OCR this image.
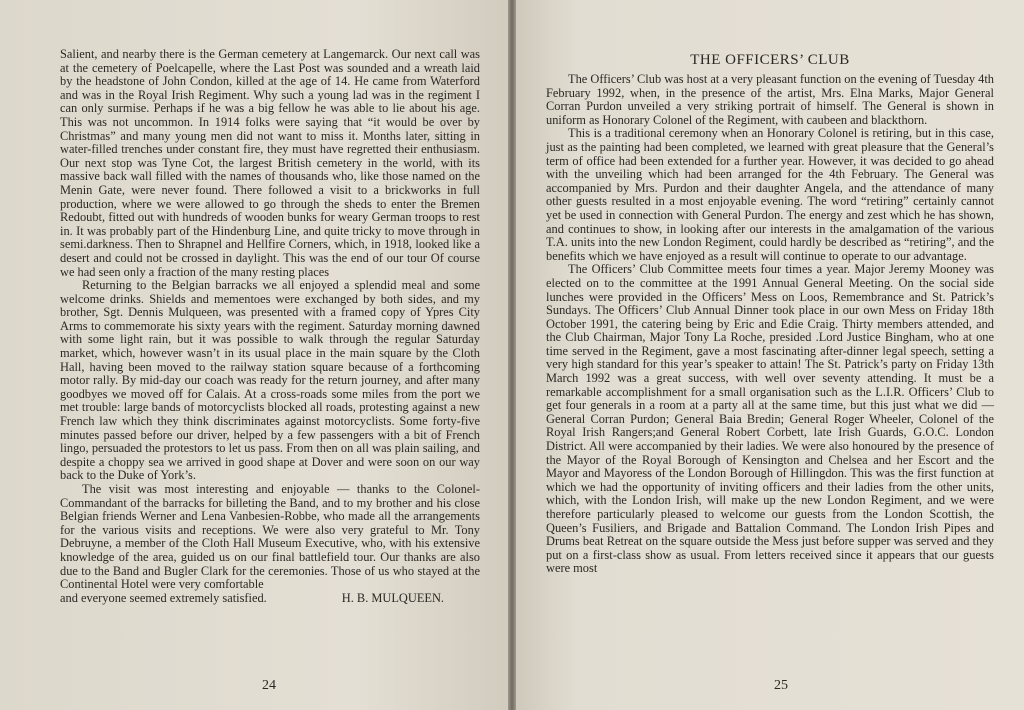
Salient, and nearby there is the German cemetery at Langemarck. Our next call was at the cemetery of Poelcapelle, where the Last Post was sounded and a wreath laid by the headstone of John Condon, killed at the age of 14. He came from Waterford and was in the Royal Irish Regiment. Why such a young lad was in the regiment I can only surmise. Perhaps if he was a big fellow he was able to lie about his age. This was not uncommon. In 1914 folks were saying that “it would be over by Christmas” and many young men did not want to miss it. Months later, sitting in water-filled trenches under constant fire, they must have regretted their enthusiasm. Our next stop was Tyne Cot, the largest British cemetery in the world, with its massive back wall filled with the names of thousands who, like those named on the Menin Gate, were never found. There followed a visit to a brickworks in full production, where we were allowed to go through the sheds to enter the Bremen Redoubt, fitted out with hundreds of wooden bunks for weary German troops to rest in. It was probably part of the Hindenburg Line, and quite tricky to move through in semi.darkness. Then to Shrapnel and Hellfire Corners, which, in 1918, looked like a desert and could not be crossed in daylight. This was the end of our tour Of course we had seen only a fraction of the many resting places

Returning to the Belgian barracks we all enjoyed a splendid meal and some welcome drinks. Shields and mementoes were exchanged by both sides, and my brother, Sgt. Dennis Mulqueen, was presented with a framed copy of Ypres City Arms to commemorate his sixty years with the regiment. Saturday morning dawned with some light rain, but it was possible to walk through the regular Saturday market, which, however wasn’t in its usual place in the main square by the Cloth Hall, having been moved to the railway station square because of a forthcoming motor rally. By mid-day our coach was ready for the return journey, and after many goodbyes we moved off for Calais. At a cross-roads some miles from the port we met trouble: large bands of motorcyclists blocked all roads, protesting against a new French law which they think discriminates against motorcyclists. Some forty-five minutes passed before our driver, helped by a few passengers with a bit of French lingo, persuaded the protestors to let us pass. From then on all was plain sailing, and despite a choppy sea we arrived in good shape at Dover and were soon on our way back to the Duke of York’s.

The visit was most interesting and enjoyable — thanks to the Colonel-Commandant of the barracks for billeting the Band, and to my brother and his close Belgian friends Werner and Lena Vanbesien-Robbe, who made all the arrangements for the various visits and receptions. We were also very grateful to Mr. Tony Debruyne, a member of the Cloth Hall Museum Executive, who, with his extensive knowledge of the area, guided us on our final battlefield tour. Our thanks are also due to the Band and Bugler Clark for the ceremonies. Those of us who stayed at the Continental Hotel were very comfortable

and everyone seemed extremely satisfied.	H. B. MULQUEEN.
24
THE OFFICERS’ CLUB

The Officers’ Club was host at a very pleasant function on the evening of Tuesday 4th February 1992, when, in the presence of the artist, Mrs. Elna Marks, Major General Corran Purdon unveiled a very striking portrait of himself. The General is shown in uniform as Honorary Colonel of the Regiment, with caubeen and blackthorn.

This is a traditional ceremony when an Honorary Colonel is retiring, but in this case, just as the painting had been completed, we learned with great pleasure that the General’s term of office had been extended for a further year. However, it was decided to go ahead with the unveiling which had been arranged for the 4th February. The General was accompanied by Mrs. Purdon and their daughter Angela, and the attendance of many other guests resulted in a most enjoyable evening. The word “retiring” certainly cannot yet be used in connection with General Purdon. The energy and zest which he has shown, and continues to show, in looking after our interests in the amalgamation of the various T.A. units into the new London Regiment, could hardly be described as “retiring”, and the benefits which we have enjoyed as a result will continue to operate to our advantage.

The Officers’ Club Committee meets four times a year. Major Jeremy Mooney was elected on to the committee at the 1991 Annual General Meeting. On the social side lunches were provided in the Officers’ Mess on Loos, Remembrance and St. Patrick’s Sundays. The Officers’ Club Annual Dinner took place in our own Mess on Friday 18th October 1991, the catering being by Eric and Edie Craig. Thirty members attended, and the Club Chairman, Major Tony La Roche, presided .Lord Justice Bingham, who at one time served in the Regiment, gave a most fascinating after-dinner legal speech, setting a very high standard for this year’s speaker to attain! The St. Patrick’s party on Friday 13th March 1992 was a great success, with well over seventy attending. It must be a remarkable accomplishment for a small organisation such as the L.I.R. Officers’ Club to get four generals in a room at a party all at the same time, but this just what we did — General Corran Purdon; General Baia Bredin; General Roger Wheeler, Colonel of the Royal Irish Rangers;and General Robert Corbett, late Irish Guards, G.O.C. London District. All were accompanied by their ladies. We were also honoured by the presence of the Mayor of the Royal Borough of Kensington and Chelsea and her Escort and the Mayor and Mayoress of the London Borough of Hillingdon. This was the first function at which we had the opportunity of inviting officers and their ladies from the other units, which, with the London Irish, will make up the new London Regiment, and we were therefore particularly pleased to welcome our guests from the London Scottish, the Queen’s Fusiliers, and Brigade and Battalion Command. The London Irish Pipes and Drums beat Retreat on the square outside the Mess just before supper was served and they put on a first-class show as usual. From letters received since it appears that our guests were most

25
